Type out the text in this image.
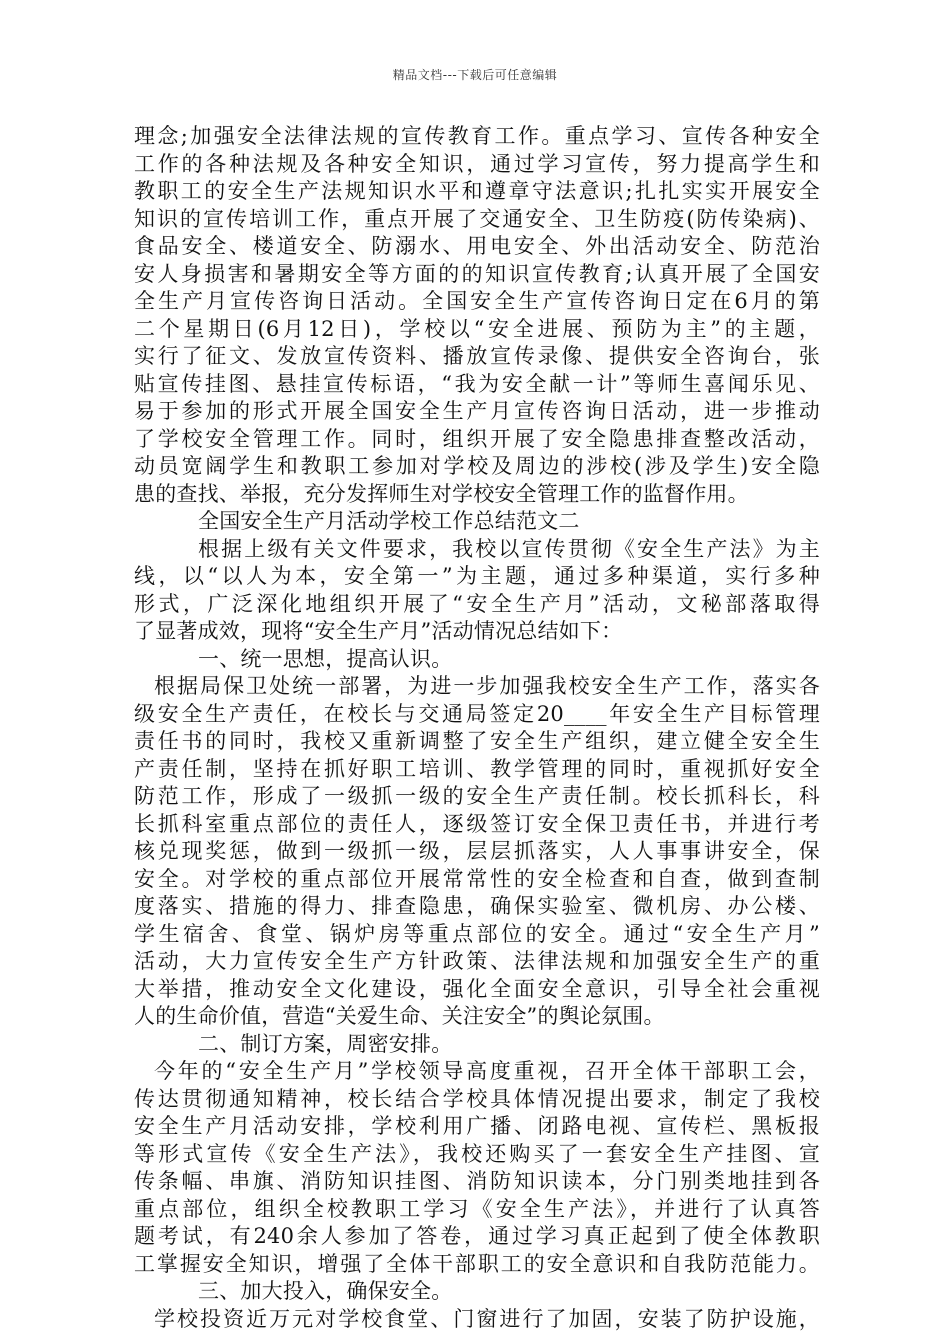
精品文档---下载后可任意编辑
理念;加强安全法律法规的宣传教育工作。重点学习、宣传各种安全
工作的各种法规及各种安全知识，通过学习宣传，努力提高学生和
教职工的安全生产法规知识水平和遵章守法意识;扎扎实实开展安全
知识的宣传培训工作，重点开展了交通安全、卫生防疫(防传染病)、
食品安全、楼道安全、防溺水、用电安全、外出活动安全、防范治
安人身损害和暑期安全等方面的的知识宣传教育;认真开展了全国安
全生产月宣传咨询日活动。全国安全生产宣传咨询日定在6月的第
二个星期日(6月12日)，学校以“安全进展、预防为主”的主题，
实行了征文、发放宣传资料、播放宣传录像、提供安全咨询台，张
贴宣传挂图、悬挂宣传标语，“我为安全献一计”等师生喜闻乐见、
易于参加的形式开展全国安全生产月宣传咨询日活动，进一步推动
了学校安全管理工作。同时，组织开展了安全隐患排查整改活动，
动员宽阔学生和教职工参加对学校及周边的涉校(涉及学生)安全隐
患的查找、举报，充分发挥师生对学校安全管理工作的监督作用。
全国安全生产月活动学校工作总结范文二
根据上级有关文件要求，我校以宣传贯彻《安全生产法》为主
线，以“以人为本，安全第一”为主题，通过多种渠道，实行多种
形式，广泛深化地组织开展了“安全生产月”活动，文秘部落取得
了显著成效，现将“安全生产月”活动情况总结如下：
一、统一思想，提高认识。
根据局保卫处统一部署，为进一步加强我校安全生产工作，落实各
级安全生产责任，在校长与交通局签定20____年安全生产目标管理
责任书的同时，我校又重新调整了安全生产组织，建立健全安全生
产责任制，坚持在抓好职工培训、教学管理的同时，重视抓好安全
防范工作，形成了一级抓一级的安全生产责任制。校长抓科长，科
长抓科室重点部位的责任人，逐级签订安全保卫责任书，并进行考
核兑现奖惩，做到一级抓一级，层层抓落实，人人事事讲安全，保
安全。对学校的重点部位开展常常性的安全检查和自查，做到查制
度落实、措施的得力、排查隐患，确保实验室、微机房、办公楼、
学生宿舍、食堂、锅炉房等重点部位的安全。通过“安全生产月”
活动，大力宣传安全生产方针政策、法律法规和加强安全生产的重
大举措，推动安全文化建设，强化全面安全意识，引导全社会重视
人的生命价值，营造“关爱生命、关注安全”的舆论氛围。
二、制订方案，周密安排。
今年的“安全生产月”学校领导高度重视，召开全体干部职工会，
传达贯彻通知精神，校长结合学校具体情况提出要求，制定了我校
安全生产月活动安排，学校利用广播、闭路电视、宣传栏、黑板报
等形式宣传《安全生产法》，我校还购买了一套安全生产挂图、宣
传条幅、串旗、消防知识挂图、消防知识读本，分门别类地挂到各
重点部位，组织全校教职工学习《安全生产法》，并进行了认真答
题考试，有240余人参加了答卷，通过学习真正起到了使全体教职
工掌握安全知识，增强了全体干部职工的安全意识和自我防范能力。
三、加大投入，确保安全。
学校投资近万元对学校食堂、门窗进行了加固，安装了防护设施，
